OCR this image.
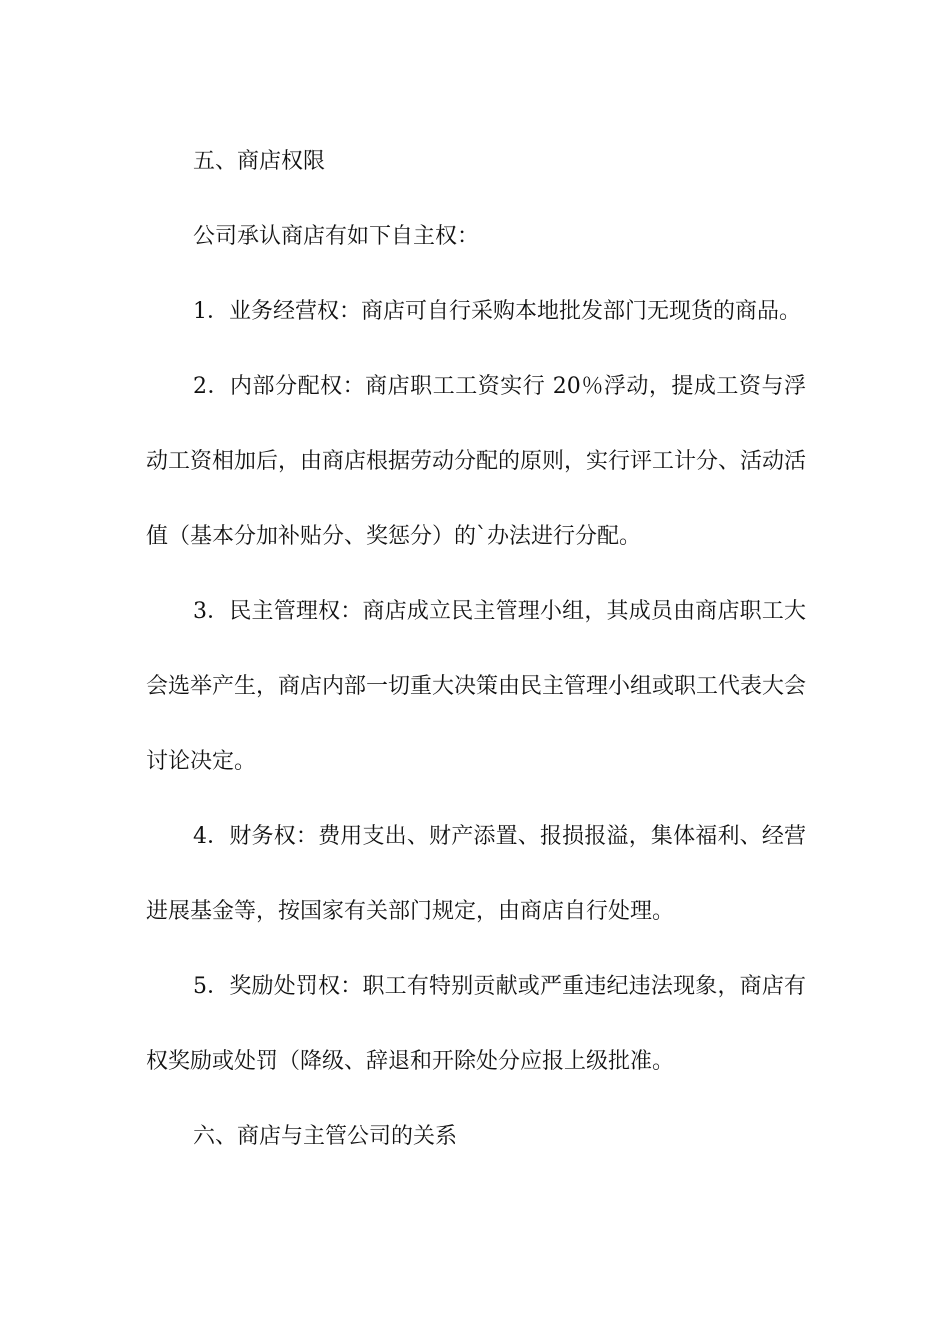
五、商店权限

公司承认商店有如下自主权：

1．业务经营权：商店可自行采购本地批发部门无现货的商品。

2．内部分配权：商店职工工资实行 20％浮动，提成工资与浮动工资相加后，由商店根据劳动分配的原则，实行评工计分、活动活值（基本分加补贴分、奖惩分）的`办法进行分配。

3．民主管理权：商店成立民主管理小组，其成员由商店职工大会选举产生，商店内部一切重大决策由民主管理小组或职工代表大会讨论决定。

4．财务权：费用支出、财产添置、报损报溢，集体福利、经营进展基金等，按国家有关部门规定，由商店自行处理。

5．奖励处罚权：职工有特别贡献或严重违纪违法现象，商店有权奖励或处罚（降级、辞退和开除处分应报上级批准。

六、商店与主管公司的关系
